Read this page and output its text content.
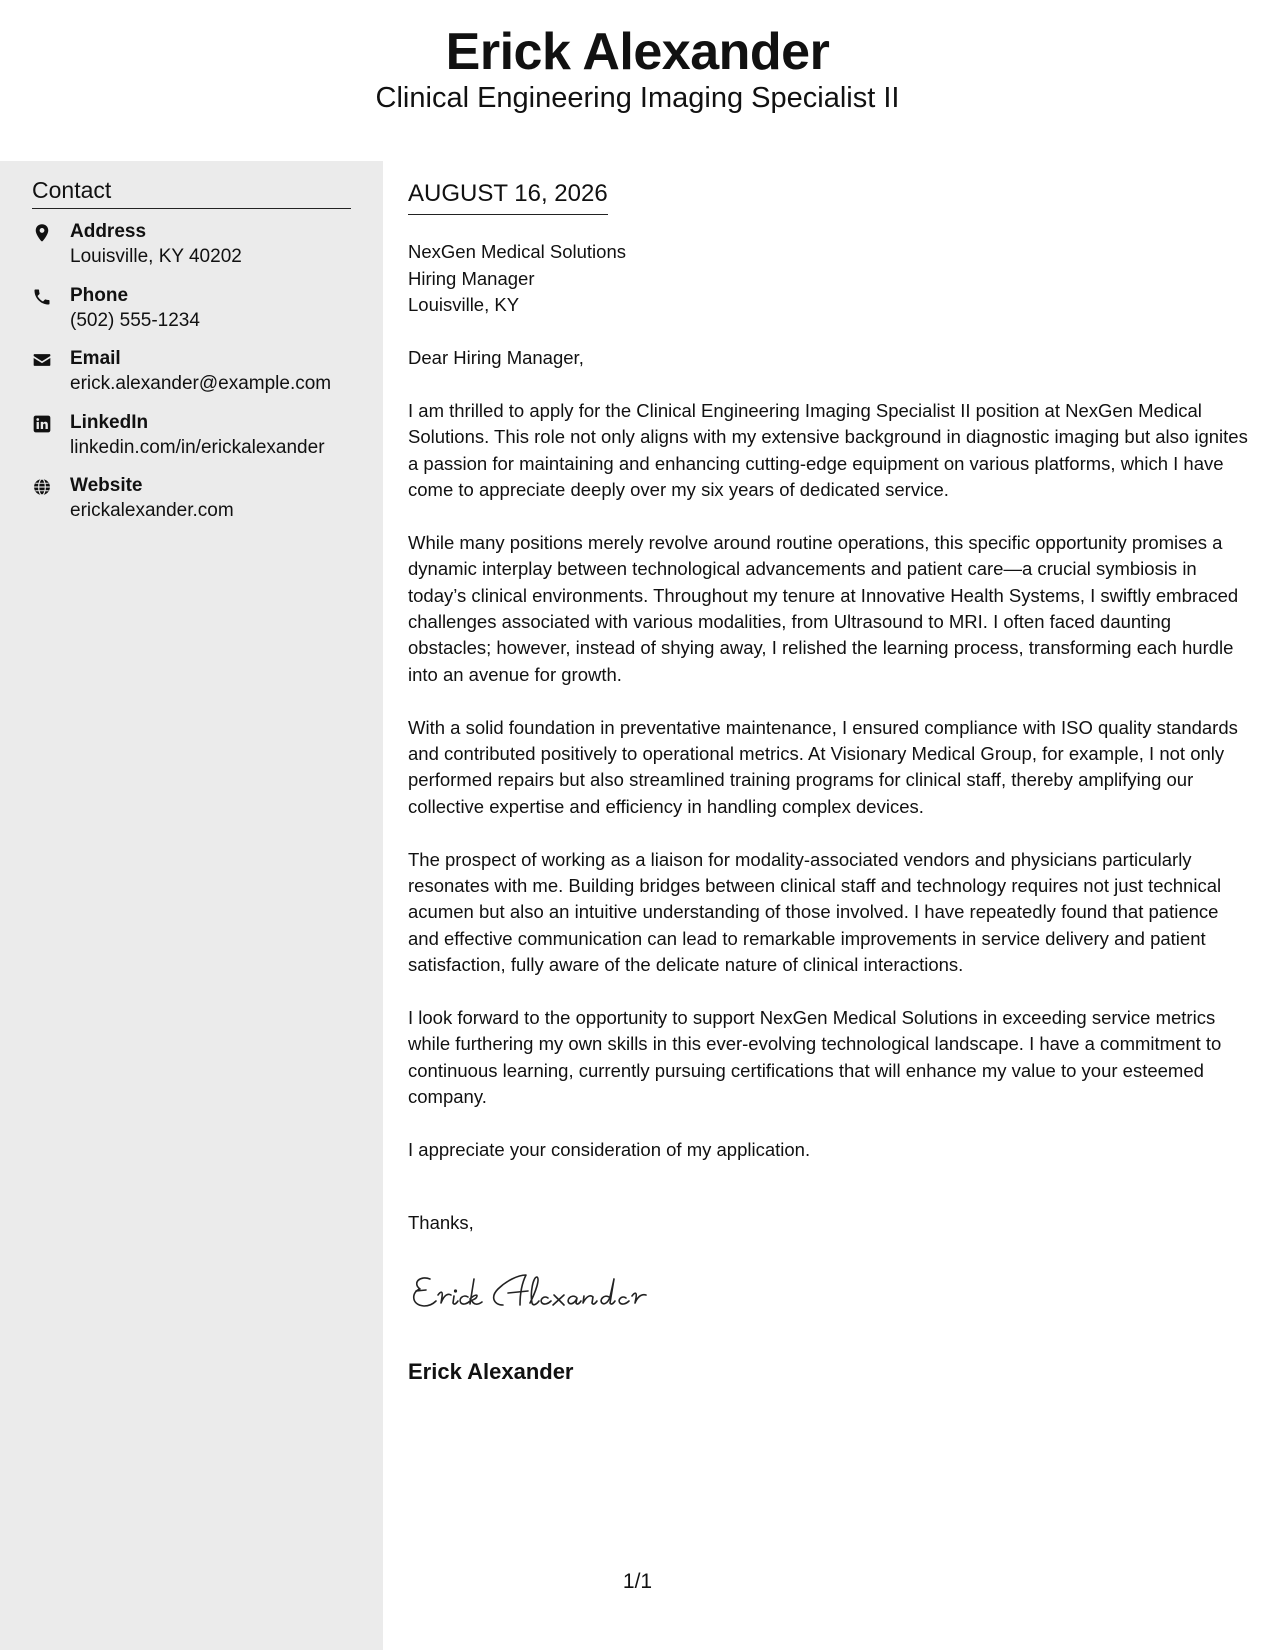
Erick Alexander
Clinical Engineering Imaging Specialist II
Contact
Address
Louisville, KY 40202
Phone
(502) 555-1234
Email
erick.alexander@example.com
LinkedIn
linkedin.com/in/erickalexander
Website
erickalexander.com
AUGUST 16, 2026
NexGen Medical Solutions
Hiring Manager
Louisville, KY

Dear Hiring Manager,

I am thrilled to apply for the Clinical Engineering Imaging Specialist II position at NexGen Medical Solutions. This role not only aligns with my extensive background in diagnostic imaging but also ignites a passion for maintaining and enhancing cutting-edge equipment on various platforms, which I have come to appreciate deeply over my six years of dedicated service.

While many positions merely revolve around routine operations, this specific opportunity promises a dynamic interplay between technological advancements and patient care—a crucial symbiosis in today’s clinical environments. Throughout my tenure at Innovative Health Systems, I swiftly embraced challenges associated with various modalities, from Ultrasound to MRI. I often faced daunting obstacles; however, instead of shying away, I relished the learning process, transforming each hurdle into an avenue for growth.

With a solid foundation in preventative maintenance, I ensured compliance with ISO quality standards and contributed positively to operational metrics. At Visionary Medical Group, for example, I not only performed repairs but also streamlined training programs for clinical staff, thereby amplifying our collective expertise and efficiency in handling complex devices.

The prospect of working as a liaison for modality-associated vendors and physicians particularly resonates with me. Building bridges between clinical staff and technology requires not just technical acumen but also an intuitive understanding of those involved. I have repeatedly found that patience and effective communication can lead to remarkable improvements in service delivery and patient satisfaction, fully aware of the delicate nature of clinical interactions.

I look forward to the opportunity to support NexGen Medical Solutions in exceeding service metrics while furthering my own skills in this ever-evolving technological landscape. I have a commitment to continuous learning, currently pursuing certifications that will enhance my value to your esteemed company.

I appreciate your consideration of my application.

Thanks,
Erick Alexander
1/1
